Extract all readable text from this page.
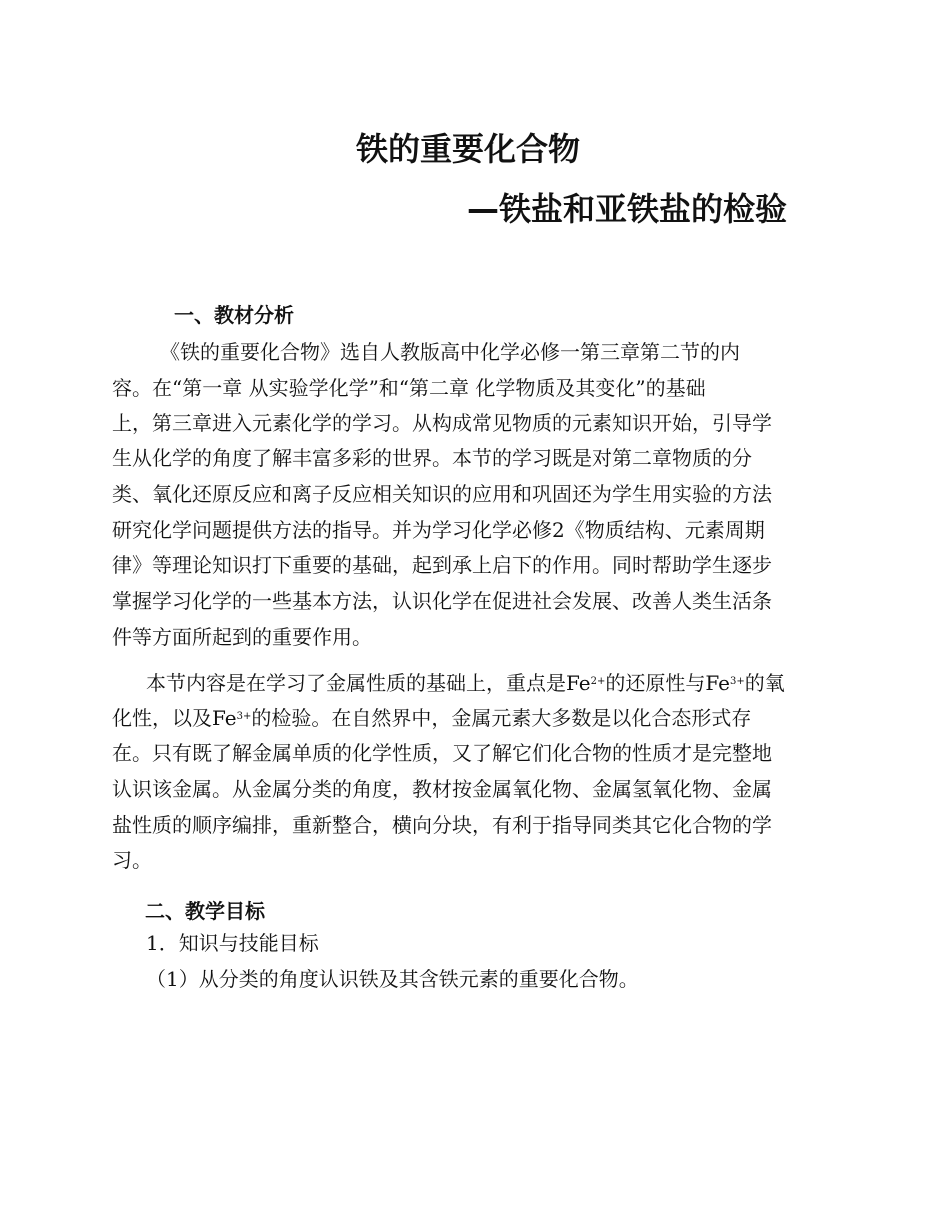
铁的重要化合物
—铁盐和亚铁盐的检验
一、教材分析
《铁的重要化合物》选自人教版高中化学必修一第三章第二节的内
容。在“第一章 从实验学化学”和“第二章 化学物质及其变化”的基础
上，第三章进入元素化学的学习。从构成常见物质的元素知识开始，引导学
生从化学的角度了解丰富多彩的世界。本节的学习既是对第二章物质的分
类、氧化还原反应和离子反应相关知识的应用和巩固还为学生用实验的方法
研究化学问题提供方法的指导。并为学习化学必修2《物质结构、元素周期
律》等理论知识打下重要的基础，起到承上启下的作用。同时帮助学生逐步
掌握学习化学的一些基本方法，认识化学在促进社会发展、改善人类生活条
件等方面所起到的重要作用。
本节内容是在学习了金属性质的基础上，重点是$Fe^{2+}$的还原性与$Fe^{3+}$的氧
化性，以及$Fe^{3+}$的检验。在自然界中，金属元素大多数是以化合态形式存
在。只有既了解金属单质的化学性质，又了解它们化合物的性质才是完整地
认识该金属。从金属分类的角度，教材按金属氧化物、金属氢氧化物、金属
盐性质的顺序编排，重新整合，横向分块，有利于指导同类其它化合物的学
习。
二、教学目标
1．知识与技能目标
（1）从分类的角度认识铁及其含铁元素的重要化合物。
